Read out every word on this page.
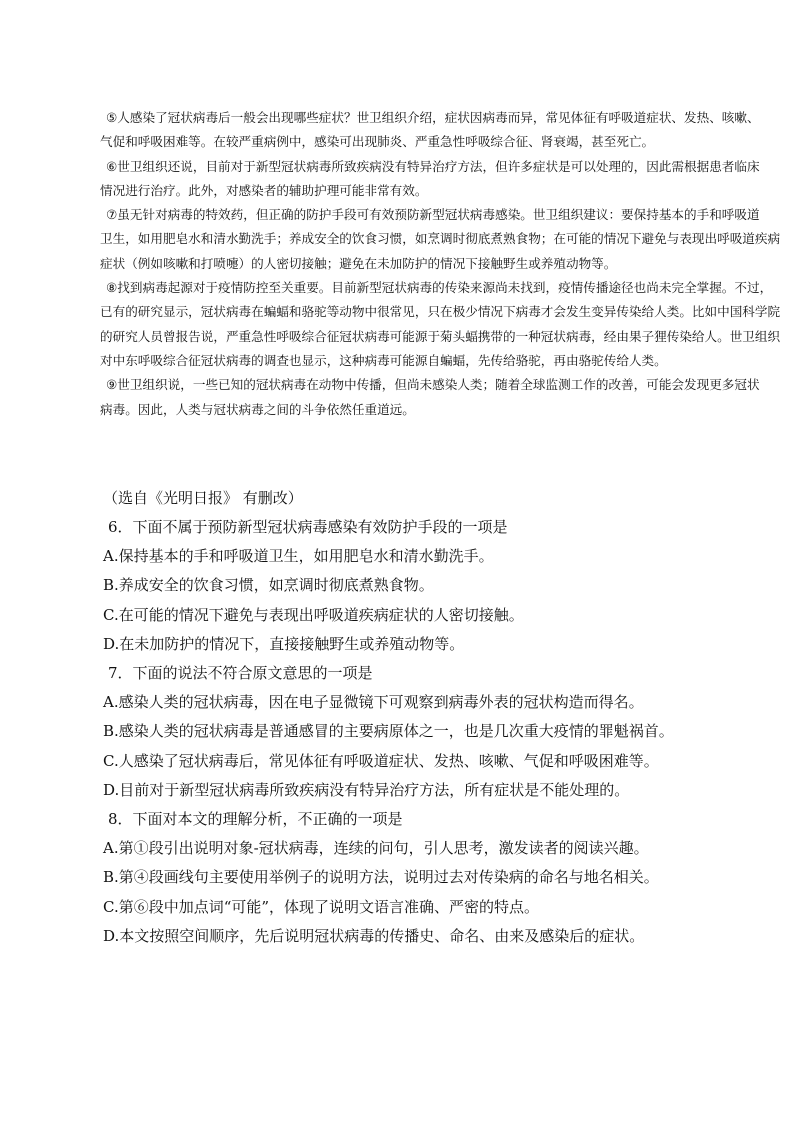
⑤人感染了冠状病毒后一般会出现哪些症状？世卫组织介绍，症状因病毒而异，常见体征有呼吸道症状、发热、咳嗽、
气促和呼吸困难等。在较严重病例中，感染可出现肺炎、严重急性呼吸综合征、肾衰竭，甚至死亡。

⑥世卫组织还说，目前对于新型冠状病毒所致疾病没有特异治疗方法，但许多症状是可以处理的，因此需根据患者临床
情况进行治疗。此外，对感染者的辅助护理可能非常有效。

⑦虽无针对病毒的特效药，但正确的防护手段可有效预防新型冠状病毒感染。世卫组织建议：要保持基本的手和呼吸道
卫生，如用肥皂水和清水勤洗手；养成安全的饮食习惯，如烹调时彻底煮熟食物；在可能的情况下避免与表现出呼吸道疾病
症状（例如咳嗽和打喷嚏）的人密切接触；避免在未加防护的情况下接触野生或养殖动物等。

⑧找到病毒起源对于疫情防控至关重要。目前新型冠状病毒的传染来源尚未找到，疫情传播途径也尚未完全掌握。不过，
已有的研究显示，冠状病毒在蝙蝠和骆驼等动物中很常见，只在极少情况下病毒才会发生变异传染给人类。比如中国科学院
的研究人员曾报告说，严重急性呼吸综合征冠状病毒可能源于菊头蝠携带的一种冠状病毒，经由果子狸传染给人。世卫组织
对中东呼吸综合征冠状病毒的调查也显示，这种病毒可能源自蝙蝠，先传给骆驼，再由骆驼传给人类。

⑨世卫组织说，一些已知的冠状病毒在动物中传播，但尚未感染人类；随着全球监测工作的改善，可能会发现更多冠状
病毒。因此，人类与冠状病毒之间的斗争依然任重道远。

（选自《光明日报》 有删改）
6．下面不属于预防新型冠状病毒感染有效防护手段的一项是
A.保持基本的手和呼吸道卫生，如用肥皂水和清水勤洗手。
B.养成安全的饮食习惯，如烹调时彻底煮熟食物。
C.在可能的情况下避免与表现出呼吸道疾病症状的人密切接触。
D.在未加防护的情况下，直接接触野生或养殖动物等。
7．下面的说法不符合原文意思的一项是
A.感染人类的冠状病毒，因在电子显微镜下可观察到病毒外表的冠状构造而得名。
B.感染人类的冠状病毒是普通感冒的主要病原体之一，也是几次重大疫情的罪魁祸首。
C.人感染了冠状病毒后，常见体征有呼吸道症状、发热、咳嗽、气促和呼吸困难等。
D.目前对于新型冠状病毒所致疾病没有特异治疗方法，所有症状是不能处理的。
8．下面对本文的理解分析，不正确的一项是
A.第①段引出说明对象-冠状病毒，连续的问句，引人思考，激发读者的阅读兴趣。
B.第④段画线句主要使用举例子的说明方法，说明过去对传染病的命名与地名相关。
C.第⑥段中加点词“可能”，体现了说明文语言准确、严密的特点。
D.本文按照空间顺序，先后说明冠状病毒的传播史、命名、由来及感染后的症状。
